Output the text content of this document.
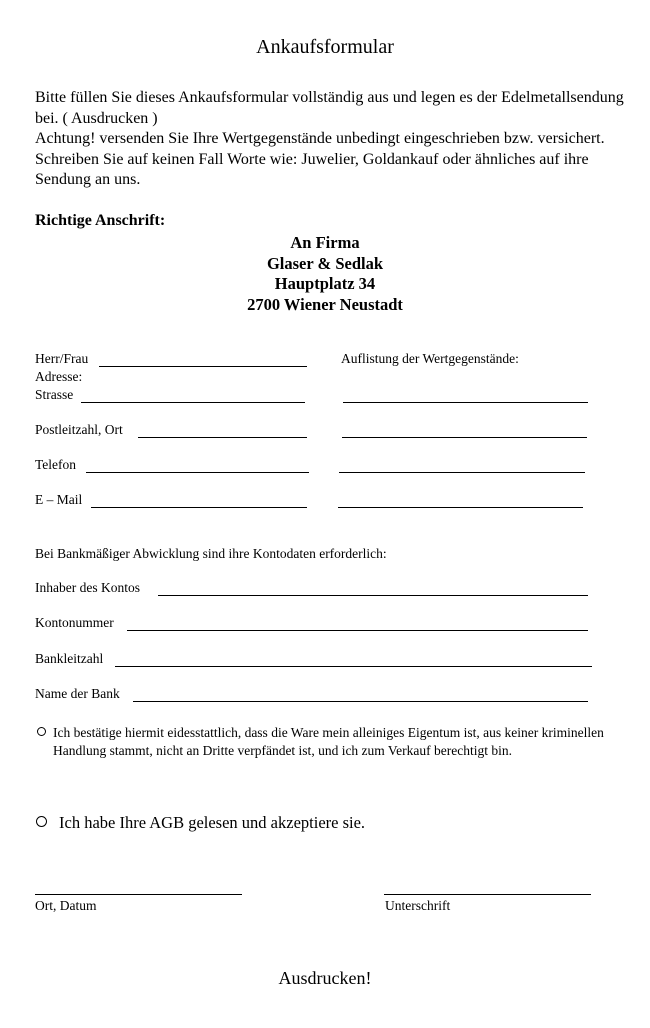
Ankaufsformular

Bitte füllen Sie dieses Ankaufsformular vollständig aus und legen es der Edelmetallsendung bei. ( Ausdrucken )

Achtung! versenden Sie Ihre Wertgegenstände unbedingt eingeschrieben bzw. versichert. Schreiben Sie auf keinen Fall Worte wie: Juwelier, Goldankauf oder ähnliches auf ihre Sendung an uns.

Richtige Anschrift:
An Firma
Glaser & Sedlak
Hauptplatz 34
2700 Wiener Neustadt
Herr/Frau
Adresse:
Strasse
Postleitzahl, Ort
Telefon
E – Mail
Auflistung der Wertgegenstände:
Bei Bankmäßiger Abwicklung sind ihre Kontodaten erforderlich:
Inhaber des Kontos
Kontonummer
Bankleitzahl
Name der Bank
Ich bestätige hiermit eidesstattlich, dass die Ware mein alleiniges Eigentum ist, aus keiner kriminellen Handlung stammt, nicht an Dritte verpfändet ist, und ich zum Verkauf berechtigt bin.
Ich habe Ihre AGB gelesen und akzeptiere sie.
Ort, Datum	Unterschrift
Ausdrucken!
